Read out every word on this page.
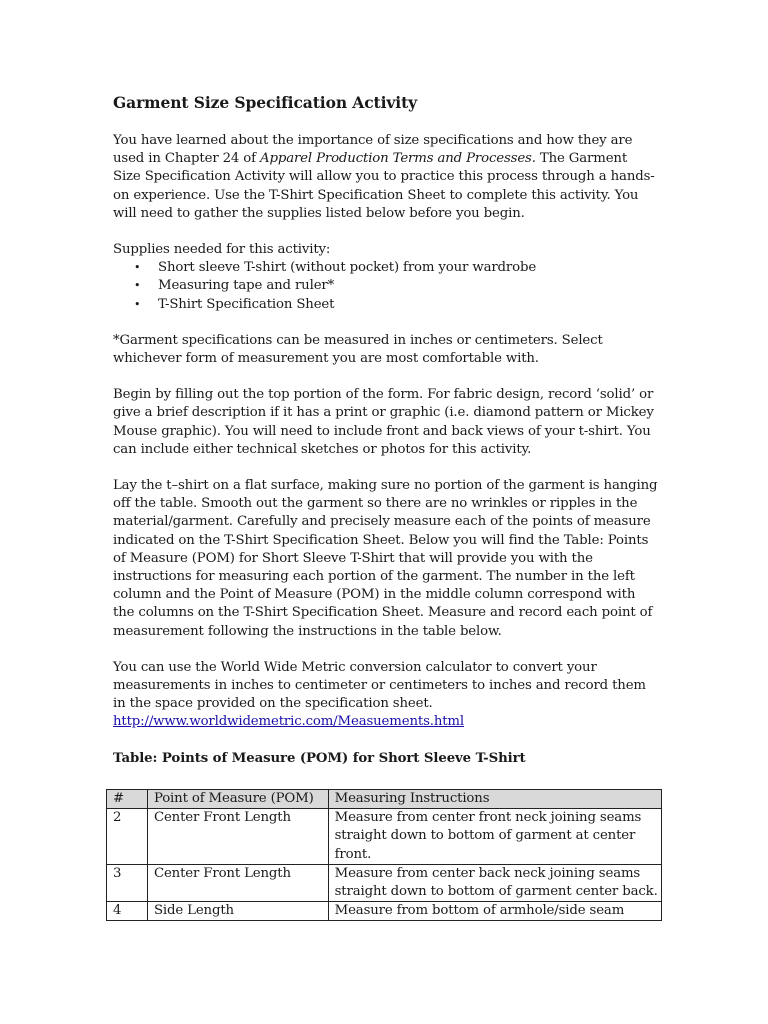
Garment Size Specification Activity

You have learned about the importance of size specifications and how they are used in Chapter 24 of Apparel Production Terms and Processes. The Garment Size Specification Activity will allow you to practice this process through a hands-on experience. Use the T-Shirt Specification Sheet to complete this activity. You will need to gather the supplies listed below before you begin.

Supplies needed for this activity:

• Short sleeve T-shirt (without pocket) from your wardrobe
• Measuring tape and ruler*
• T-Shirt Specification Sheet

*Garment specifications can be measured in inches or centimeters. Select whichever form of measurement you are most comfortable with.

Begin by filling out the top portion of the form. For fabric design, record ‘solid’ or give a brief description if it has a print or graphic (i.e. diamond pattern or Mickey Mouse graphic). You will need to include front and back views of your t-shirt. You can include either technical sketches or photos for this activity.

Lay the t–shirt on a flat surface, making sure no portion of the garment is hanging off the table. Smooth out the garment so there are no wrinkles or ripples in the material/garment. Carefully and precisely measure each of the points of measure indicated on the T-Shirt Specification Sheet. Below you will find the Table: Points of Measure (POM) for Short Sleeve T-Shirt that will provide you with the instructions for measuring each portion of the garment. The number in the left column and the Point of Measure (POM) in the middle column correspond with the columns on the T-Shirt Specification Sheet. Measure and record each point of measurement following the instructions in the table below.

You can use the World Wide Metric conversion calculator to convert your measurements in inches to centimeter or centimeters to inches and record them in the space provided on the specification sheet.
http://www.worldwidemetric.com/Measuements.html

Table: Points of Measure (POM) for Short Sleeve T-Shirt

#	Point of Measure (POM)	Measuring Instructions
2	Center Front Length	Measure from center front neck joining seams straight down to bottom of garment at center front.
3	Center Front Length	Measure from center back neck joining seams straight down to bottom of garment center back.
4	Side Length	Measure from bottom of armhole/side seam
